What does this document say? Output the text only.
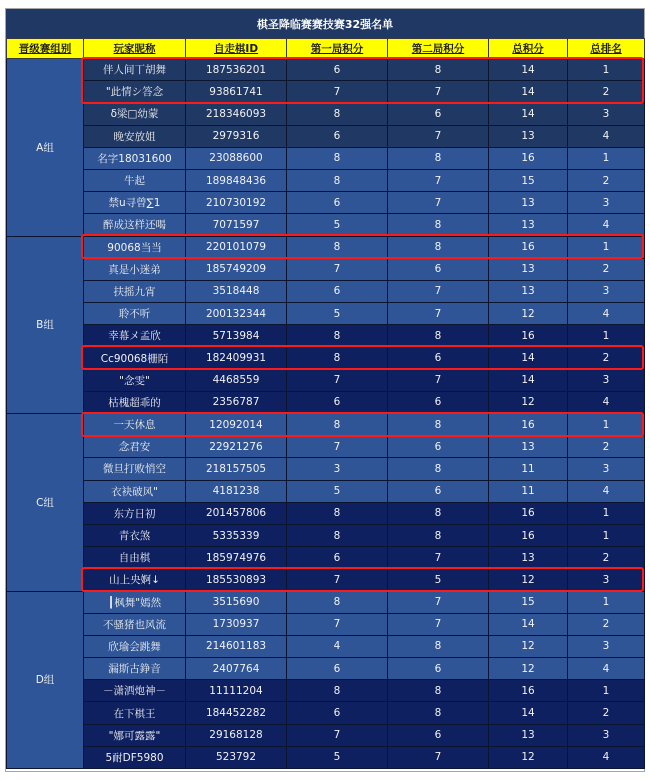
棋圣降临赛赛技赛32强名单
晋级赛组别	玩家昵称	自走棋ID	第一局积分	第二局积分	总积分	总排名
A组	伴人间丅胡舞	187536201	6	8	14	1
	"此情シ答念	93861741	7	7	14	2
	δ梁□幼蒙	218346093	8	6	14	3
	晚安放姐	2979316	6	7	13	4
	名字18031600	23088600	8	8	16	1
	牛起	189848436	8	7	15	2
	禁u寻曾∑1	210730192	6	7	13	3
	醉成这样还喝	7071597	5	8	13	4
B组	90068当当	220101079	8	8	16	1
	真是小迷弟	185749209	7	6	13	2
	扶摇九宵	3518448	6	7	13	3
	聆不听	200132344	5	7	12	4
	幸幕メ孟欣	5713984	8	8	16	1
	Cc90068栅陌	182409931	8	6	14	2
	"念雯"	4468559	7	7	14	3
	枯槐超乖的	2356787	6	6	12	4
C组	一天休息	12092014	8	8	16	1
	念君安	22921276	7	6	13	2
	微旦打败悄空	218157505	3	8	11	3
	衣袂破风"	4181238	5	6	11	4
	东方日初	201457806	8	8	16	1
	青衣煞	5335339	8	8	16	1
	自由棋	185974976	6	7	13	2
	山上央婀↓	185530893	7	5	12	3
D组	┃枫舞"嫣然	3515690	8	7	15	1
	不骚猪也风流	1730937	7	7	14	2
	欣瑜会跳舞	214601183	4	8	12	3
	漏斯古錚音	2407764	6	6	12	4
	－潇洒炮神－	11111204	8	8	16	1
	在下棋王	184452282	6	8	14	2
	"娜可露露"	29168128	7	6	13	3
	5耐DF5980	523792	5	7	12	4
